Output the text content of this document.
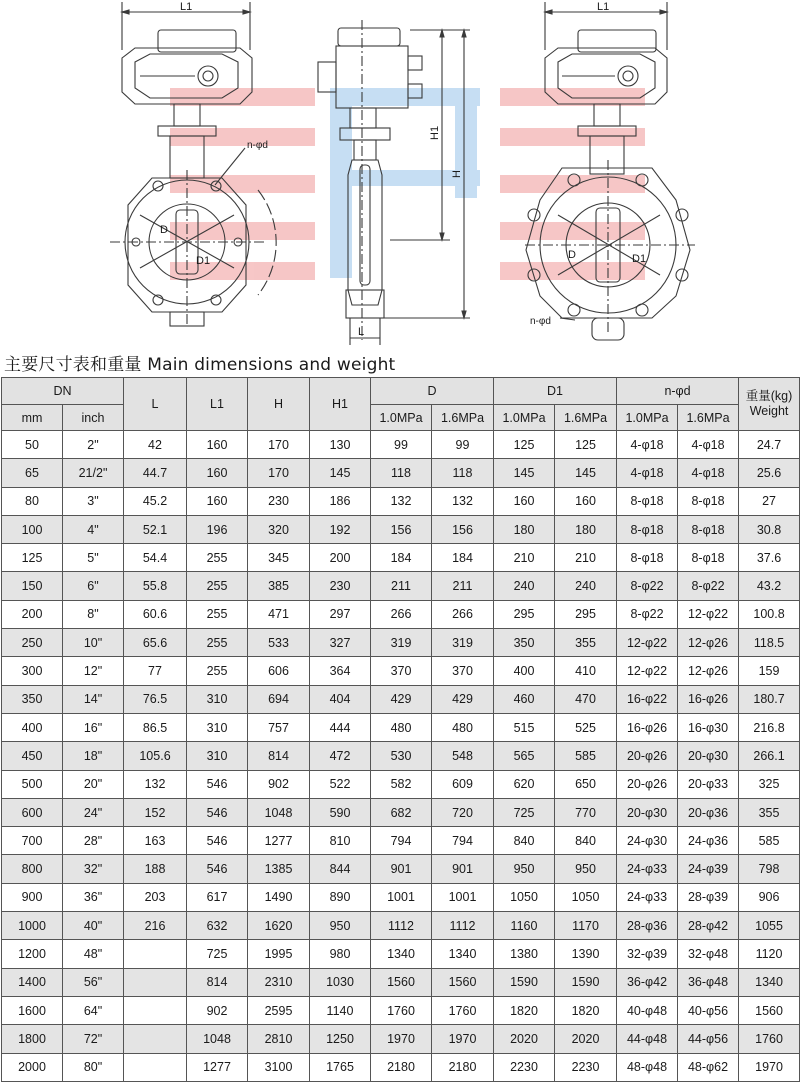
L1	L1
L
H
H1
D
D1	D	D1
n-φd
n-φd
主要尺寸表和重量 Main dimensions and weight
DN		L	L1	H	H1	D		D1		n-φd		重量(kg)
Weight

mm	inch					1.0MPa	1.6MPa	1.0MPa	1.6MPa	1.0MPa	1.6MPa	
50	2"	42	160	170	130	99	99	125	125	4-φ18	4-φ18	24.7
65	21/2"	44.7	160	170	145	118	118	145	145	4-φ18	4-φ18	25.6
80	3"	45.2	160	230	186	132	132	160	160	8-φ18	8-φ18	27
100	4"	52.1	196	320	192	156	156	180	180	8-φ18	8-φ18	30.8
125	5"	54.4	255	345	200	184	184	210	210	8-φ18	8-φ18	37.6
150	6"	55.8	255	385	230	211	211	240	240	8-φ22	8-φ22	43.2
200	8"	60.6	255	471	297	266	266	295	295	8-φ22	12-φ22	100.8
250	10"	65.6	255	533	327	319	319	350	355	12-φ22	12-φ26	118.5
300	12"	77	255	606	364	370	370	400	410	12-φ22	12-φ26	159
350	14"	76.5	310	694	404	429	429	460	470	16-φ22	16-φ26	180.7
400	16"	86.5	310	757	444	480	480	515	525	16-φ26	16-φ30	216.8
450	18"	105.6	310	814	472	530	548	565	585	20-φ26	20-φ30	266.1
500	20"	132	546	902	522	582	609	620	650	20-φ26	20-φ33	325
600	24"	152	546	1048	590	682	720	725	770	20-φ30	20-φ36	355
700	28"	163	546	1277	810	794	794	840	840	24-φ30	24-φ36	585
800	32"	188	546	1385	844	901	901	950	950	24-φ33	24-φ39	798
900	36"	203	617	1490	890	1001	1001	1050	1050	24-φ33	28-φ39	906
1000	40"	216	632	1620	950	1112	1112	1160	1170	28-φ36	28-φ42	1055
1200	48"		725	1995	980	1340	1340	1380	1390	32-φ39	32-φ48	1120
1400	56"		814	2310	1030	1560	1560	1590	1590	36-φ42	36-φ48	1340
1600	64"		902	2595	1140	1760	1760	1820	1820	40-φ48	40-φ56	1560
1800	72"		1048	2810	1250	1970	1970	2020	2020	44-φ48	44-φ56	1760
2000	80"		1277	3100	1765	2180	2180	2230	2230	48-φ48	48-φ62	1970
